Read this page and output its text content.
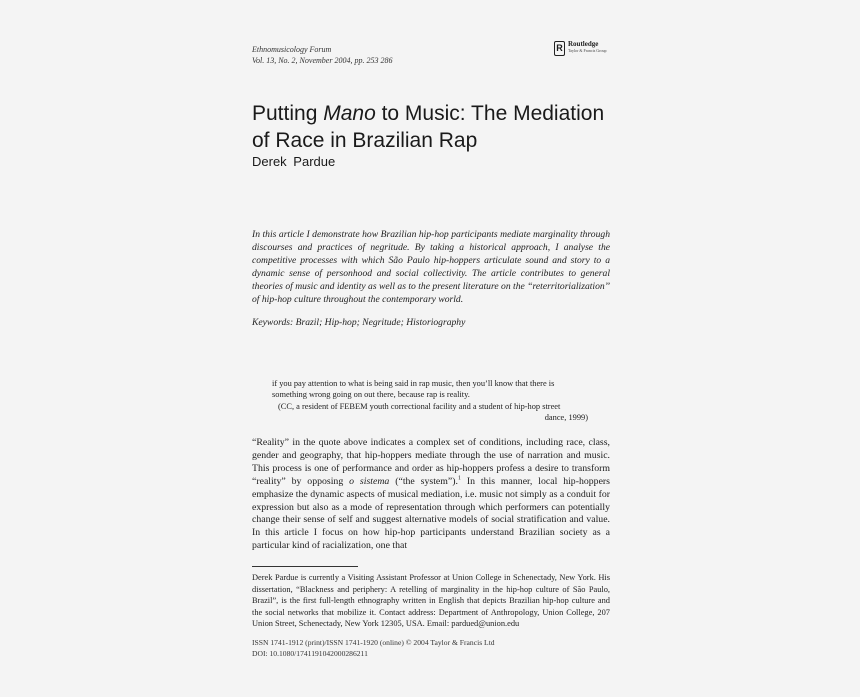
Ethnomusicology Forum
Vol. 13, No. 2, November 2004, pp. 253 286
R Routledge
Taylor & Francis Group
Putting Mano to Music: The Mediation of Race in Brazilian Rap
Derek Pardue
In this article I demonstrate how Brazilian hip-hop participants mediate marginality through discourses and practices of negritude. By taking a historical approach, I analyse the competitive processes with which São Paulo hip-hoppers articulate sound and story to a dynamic sense of personhood and social collectivity. The article contributes to general theories of music and identity as well as to the present literature on the “reterritorialization’’ of hip-hop culture throughout the contemporary world.
Keywords: Brazil; Hip-hop; Negritude; Historiography
if you pay attention to what is being said in rap music, then you’ll know that there is something wrong going on out there, because rap is reality.
(CC, a resident of FEBEM youth correctional facility and a student of hip-hop street
dance, 1999)
“Reality” in the quote above indicates a complex set of conditions, including race, class, gender and geography, that hip-hoppers mediate through the use of narration and music. This process is one of performance and order as hip-hoppers profess a desire to transform “reality” by opposing o sistema (“the system”).$^1$ In this manner, local hip-hoppers emphasize the dynamic aspects of musical mediation, i.e. music not simply as a conduit for expression but also as a mode of representation through which performers can potentially change their sense of self and suggest alternative models of social stratification and value. In this article I focus on how hip-hop participants understand Brazilian society as a particular kind of racialization, one that
Derek Pardue is currently a Visiting Assistant Professor at Union College in Schenectady, New York. His dissertation, “Blackness and periphery: A retelling of marginality in the hip-hop culture of São Paulo, Brazil”, is the first full-length ethnography written in English that depicts Brazilian hip-hop culture and the social networks that mobilize it. Contact address: Department of Anthropology, Union College, 207 Union Street, Schenectady, New York 12305, USA. Email: pardued@union.edu
ISSN 1741-1912 (print)/ISSN 1741-1920 (online) © 2004 Taylor & Francis Ltd
DOI: 10.1080/1741191042000286211
